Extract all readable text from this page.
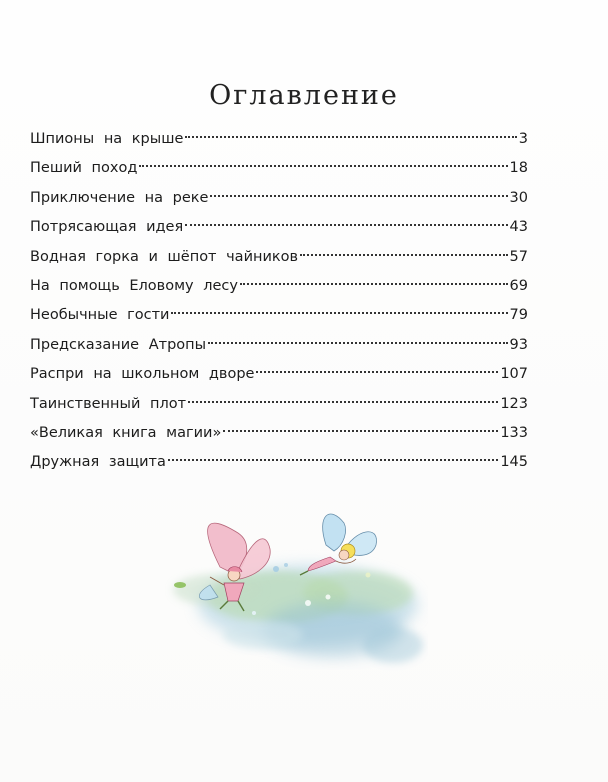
Оглавление
Шпионы на крыше	3
Пеший поход	18
Приключение на реке	30
Потрясающая идея	43
Водная горка и шёпот чайников	57
На помощь Еловому лесу	69
Необычные гости	79
Предсказание Атропы	93
Распри на школьном дворе	107
Таинственный плот	123
«Великая книга магии»	133
Дружная защита	145
